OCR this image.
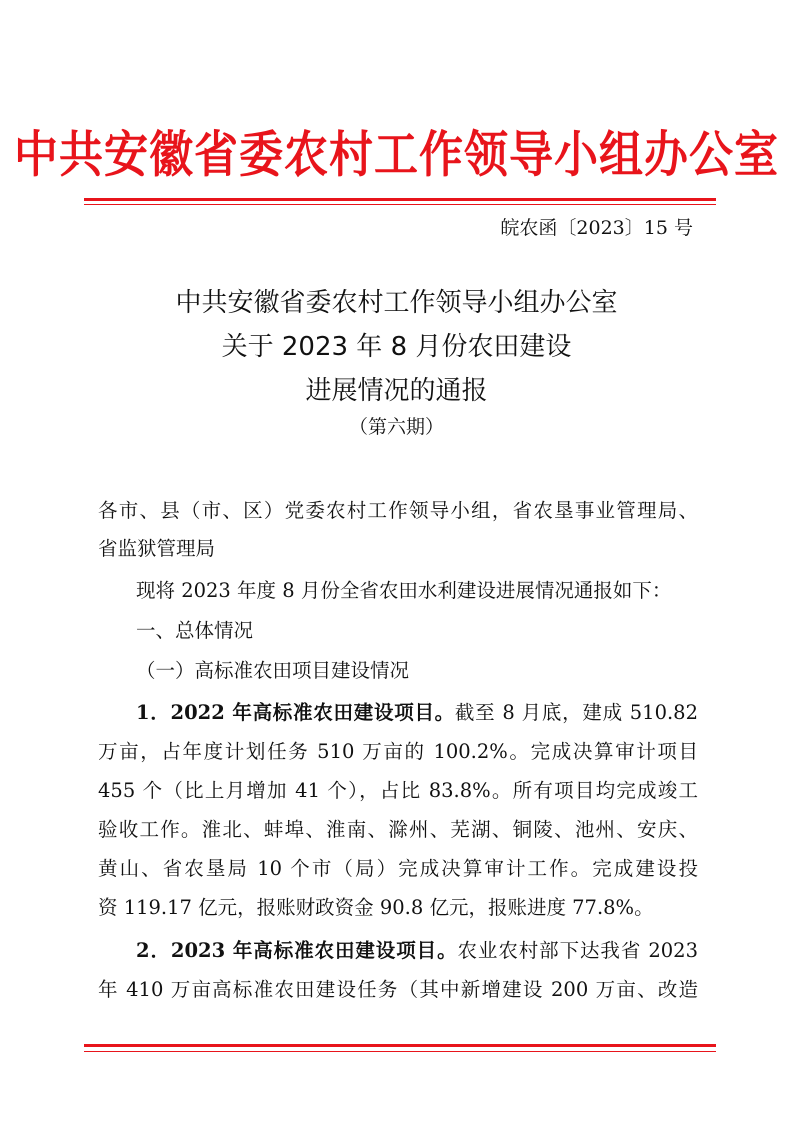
中共安徽省委农村工作领导小组办公室
皖农函〔2023〕15 号
中共安徽省委农村工作领导小组办公室
关于 2023 年 8 月份农田建设
进展情况的通报
（第六期）
各市、县（市、区）党委农村工作领导小组，省农垦事业管理局、
省监狱管理局
现将 2023 年度 8 月份全省农田水利建设进展情况通报如下：
一、总体情况
（一）高标准农田项目建设情况
1．2022 年高标准农田建设项目。截至 8 月底，建成 510.82
万亩，占年度计划任务 510 万亩的 100.2%。完成决算审计项目
455 个（比上月增加 41 个），占比 83.8%。所有项目均完成竣工
验收工作。淮北、蚌埠、淮南、滁州、芜湖、铜陵、池州、安庆、
黄山、省农垦局 10 个市（局）完成决算审计工作。完成建设投
资 119.17 亿元，报账财政资金 90.8 亿元，报账进度 77.8%。
2．2023 年高标准农田建设项目。农业农村部下达我省 2023
年 410 万亩高标准农田建设任务（其中新增建设 200 万亩、改造
